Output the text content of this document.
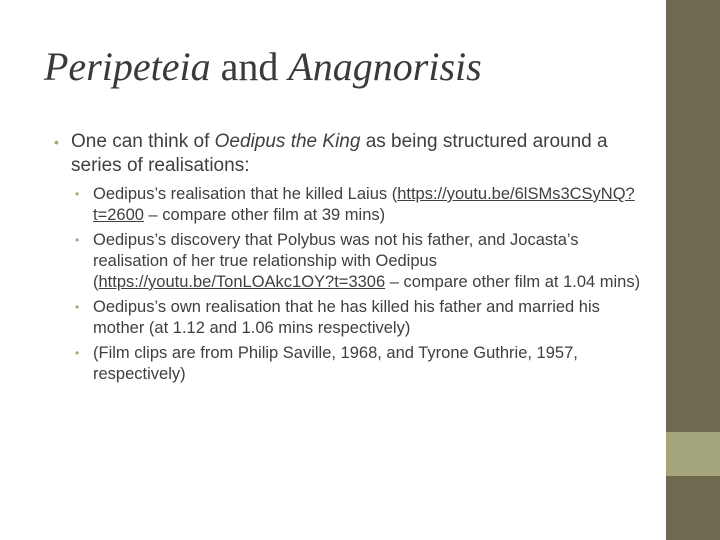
Peripeteia and Anagnorisis
• One can think of Oedipus the King as being structured around a series of realisations:
• Oedipus’s realisation that he killed Laius (https://youtu.be/6lSMs3CSyNQ?t=2600 – compare other film at 39 mins)
• Oedipus’s discovery that Polybus was not his father, and Jocasta’s realisation of her true relationship with Oedipus (https://youtu.be/TonLOAkc1OY?t=3306 – compare other film at 1.04 mins)
• Oedipus’s own realisation that he has killed his father and married his mother (at 1.12 and 1.06 mins respectively)
• (Film clips are from Philip Saville, 1968, and Tyrone Guthrie, 1957, respectively)
